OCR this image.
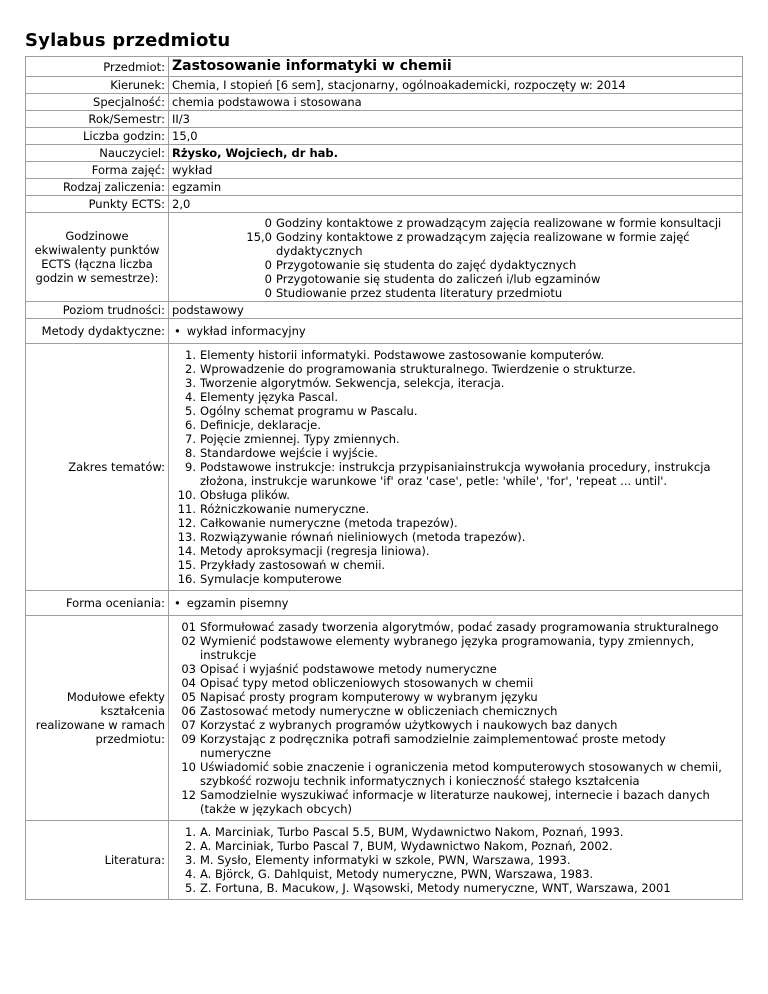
Sylabus przedmiotu
Przedmiot:	Zastosowanie informatyki w chemii
Kierunek:	Chemia, I stopień [6 sem], stacjonarny, ogólnoakademicki, rozpoczęty w: 2014
Specjalność:	chemia podstawowa i stosowana
Rok/Semestr:	II/3
Liczba godzin:	15,0
Nauczyciel:	Rżysko, Wojciech, dr hab.
Forma zajęć:	wykład
Rodzaj zaliczenia:	egzamin
Punkty ECTS:	2,0
Godzinowe ekwiwalenty punktów ECTS (łączna liczba godzin w semestrze):	
0	Godziny kontaktowe z prowadzącym zajęcia realizowane w formie konsultacji
15,0	Godziny kontaktowe z prowadzącym zajęcia realizowane w formie zajęć dydaktycznych
0	Przygotowanie się studenta do zajęć dydaktycznych
0	Przygotowanie się studenta do zaliczeń i/lub egzaminów
0	Studiowanie przez studenta literatury przedmiotu

Poziom trudności:	podstawowy
Metody dydaktyczne:	• wykład informacyjny

Zakres tematów:	
1.	Elementy historii informatyki. Podstawowe zastosowanie komputerów.
2.	Wprowadzenie do programowania strukturalnego. Twierdzenie o strukturze.
3.	Tworzenie algorytmów. Sekwencja, selekcja, iteracja.
4.	Elementy języka Pascal.
5.	Ogólny schemat programu w Pascalu.
6.	Definicje, deklaracje.
7.	Pojęcie zmiennej. Typy zmiennych.
8.	Standardowe wejście i wyjście.
9.	Podstawowe instrukcje: instrukcja przypisaniainstrukcja wywołania procedury, instrukcja złożona, instrukcje warunkowe 'if' oraz 'case', petle: 'while', 'for', 'repeat ... until'.
10.	Obsługa plików.
11.	Różniczkowanie numeryczne.
12.	Całkowanie numeryczne (metoda trapezów).
13.	Rozwiązywanie równań nieliniowych (metoda trapezów).
14.	Metody aproksymacji (regresja liniowa).
15.	Przykłady zastosowań w chemii.
16.	Symulacje komputerowe

Forma oceniania:	• egzamin pisemny

Modułowe efekty kształcenia realizowane w ramach przedmiotu:	
01	Sformułować zasady tworzenia algorytmów, podać zasady programowania strukturalnego
02	Wymienić podstawowe elementy wybranego języka programowania, typy zmiennych, instrukcje
03	Opisać i wyjaśnić podstawowe metody numeryczne
04	Opisać typy metod obliczeniowych stosowanych w chemii
05	Napisać prosty program komputerowy w wybranym języku
06	Zastosować metody numeryczne w obliczeniach chemicznych
07	Korzystać z wybranych programów użytkowych i naukowych baz danych
09	Korzystając z podręcznika potrafi samodzielnie zaimplementować proste metody numeryczne
10	Uświadomić sobie znaczenie i ograniczenia metod komputerowych stosowanych w chemii, szybkość rozwoju technik informatycznych i konieczność stałego kształcenia
12	Samodzielnie wyszukiwać informacje w literaturze naukowej, internecie i bazach danych (także w językach obcych)

Literatura:	
1.	A. Marciniak, Turbo Pascal 5.5, BUM, Wydawnictwo Nakom, Poznań, 1993.
2.	A. Marciniak, Turbo Pascal 7, BUM, Wydawnictwo Nakom, Poznań, 2002.
3.	M. Sysło, Elementy informatyki w szkole, PWN, Warszawa, 1993.
4.	A. Björck, G. Dahlquist, Metody numeryczne, PWN, Warszawa, 1983.
5.	Z. Fortuna, B. Macukow, J. Wąsowski, Metody numeryczne, WNT, Warszawa, 2001
